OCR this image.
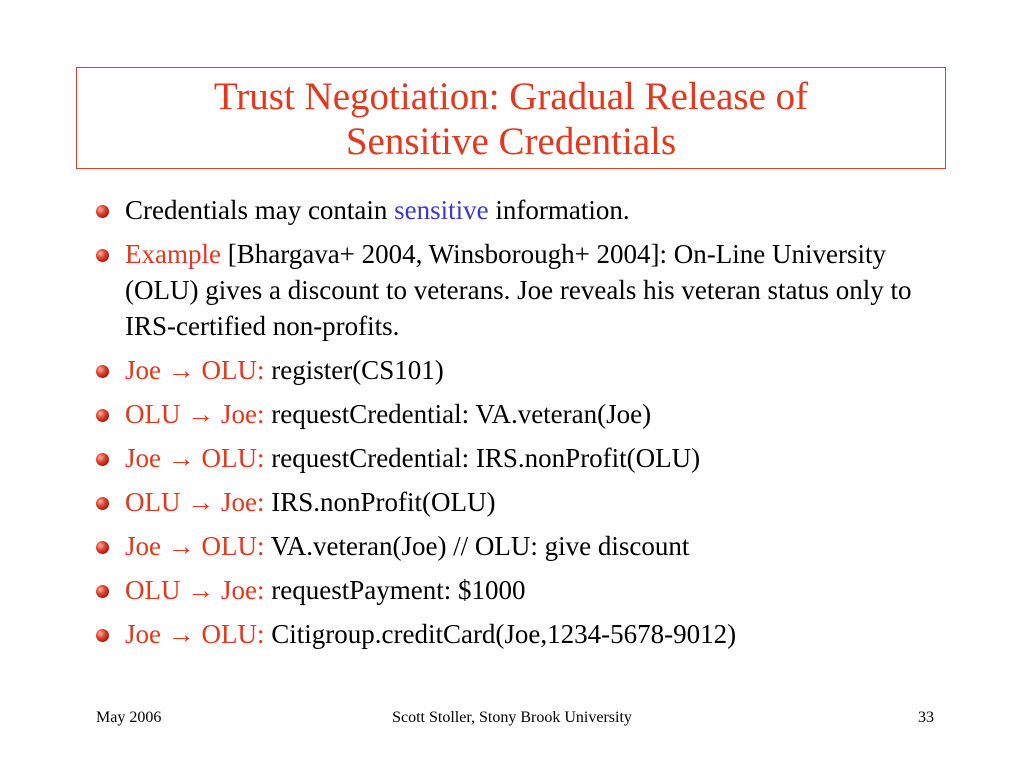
Trust Negotiation: Gradual Release of
Sensitive Credentials
Credentials may contain sensitive information.
Example [Bhargava+ 2004, Winsborough+ 2004]: On-Line University (OLU) gives a discount to veterans. Joe reveals his veteran status only to IRS-certified non-profits.
Joe → OLU: register(CS101)
OLU → Joe: requestCredential: VA.veteran(Joe)
Joe → OLU: requestCredential: IRS.nonProfit(OLU)
OLU → Joe: IRS.nonProfit(OLU)
Joe → OLU: VA.veteran(Joe) // OLU: give discount
OLU → Joe: requestPayment: $1000
Joe → OLU: Citigroup.creditCard(Joe,1234-5678-9012)
May 2006	Scott Stoller, Stony Brook University	33
